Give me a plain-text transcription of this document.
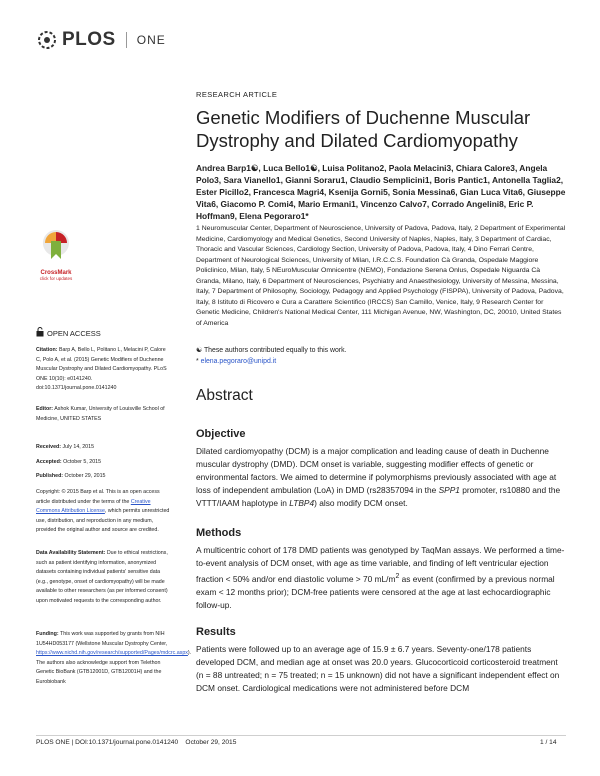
PLOS ONE
RESEARCH ARTICLE
Genetic Modifiers of Duchenne Muscular Dystrophy and Dilated Cardiomyopathy
Andrea Barp1☯, Luca Bello1☯, Luisa Politano2, Paola Melacini3, Chiara Calore3, Angela Polo3, Sara Vianello1, Gianni Soraru1, Claudio Semplicini1, Boris Pantic1, Antonella Taglia2, Ester Picillo2, Francesca Magri4, Ksenija Gorni5, Sonia Messina6, Gian Luca Vita6, Giuseppe Vita6, Giacomo P. Comi4, Mario Ermani1, Vincenzo Calvo7, Corrado Angelini8, Eric P. Hoffman9, Elena Pegoraro1*
1 Neuromuscular Center, Department of Neuroscience, University of Padova, Padova, Italy, 2 Department of Experimental Medicine, Cardiomyology and Medical Genetics, Second University of Naples, Naples, Italy, 3 Department of Cardiac, Thoracic and Vascular Sciences, Cardiology Section, University of Padova, Padova, Italy, 4 Dino Ferrari Centre, Department of Neurological Sciences, University of Milan, I.R.C.C.S. Foundation Cà Granda, Ospedale Maggiore Policlinico, Milan, Italy, 5 NEuroMuscular Omnicentre (NEMO), Fondazione Serena Onlus, Ospedale Niguarda Cà Granda, Milano, Italy, 6 Department of Neurosciences, Psychiatry and Anaesthesiology, University of Messina, Messina, Italy, 7 Department of Philosophy, Sociology, Pedagogy and Applied Psychology (FISPPA), University of Padova, Padova, Italy, 8 Istituto di Ricovero e Cura a Carattere Scientifico (IRCCS) San Camillo, Venice, Italy, 9 Research Center for Genetic Medicine, Children's National Medical Center, 111 Michigan Avenue, NW, Washington, DC, 20010, United States of America
☯ These authors contributed equally to this work.
* elena.pegoraro@unipd.it
Abstract
Objective
Dilated cardiomyopathy (DCM) is a major complication and leading cause of death in Duchenne muscular dystrophy (DMD). DCM onset is variable, suggesting modifier effects of genetic or environmental factors. We aimed to determine if polymorphisms previously associated with age at loss of independent ambulation (LoA) in DMD (rs28357094 in the SPP1 promoter, rs10880 and the VTTT/IAAM haplotype in LTBP4) also modify DCM onset.
Methods
A multicentric cohort of 178 DMD patients was genotyped by TaqMan assays. We performed a time-to-event analysis of DCM onset, with age as time variable, and finding of left ventricular ejection fraction < 50% and/or end diastolic volume > 70 $mL/m^2$ as event (confirmed by a previous normal exam < 12 months prior); DCM-free patients were censored at the age at last echocardiographic follow-up.
Results
Patients were followed up to an average age of 15.9 ± 6.7 years. Seventy-one/178 patients developed DCM, and median age at onset was 20.0 years. Glucocorticoid corticosteroid treatment (n = 88 untreated; n = 75 treated; n = 15 unknown) did not have a significant independent effect on DCM onset. Cardiological medications were not administered before DCM
CrossMark
click for updates
OPEN ACCESS
Citation: Barp A, Bello L, Politano L, Melacini P, Calore C, Polo A, et al. (2015) Genetic Modifiers of Duchenne Muscular Dystrophy and Dilated Cardiomyopathy. PLoS ONE 10(10): e0141240. doi:10.1371/journal.pone.0141240
Editor: Ashok Kumar, University of Louisville School of Medicine, UNITED STATES
Received: July 14, 2015
Accepted: October 5, 2015
Published: October 29, 2015
Copyright: © 2015 Barp et al. This is an open access article distributed under the terms of the Creative Commons Attribution License, which permits unrestricted use, distribution, and reproduction in any medium, provided the original author and source are credited.
Data Availability Statement: Due to ethical restrictions, such as patient identifying information, anonymized datasets containing individual patients' sensitive data (e.g., genotype, onset of cardiomyopathy) will be made available to other researchers (as per informed consent) upon motivated requests to the corresponding author.
Funding: This work was supported by grants from NIH 1U54HD053177 (Wellstone Muscular Dystrophy Center, https://www.nichd.nih.gov/research/supported/Pages/mdcrc.aspx). The authors also acknowledge support from Telethon Genetic BioBank (GTB12001D, GTB12001H) and the Eurobiobank
PLOS ONE | DOI:10.1371/journal.pone.0141240    October 29, 2015	1 / 14
